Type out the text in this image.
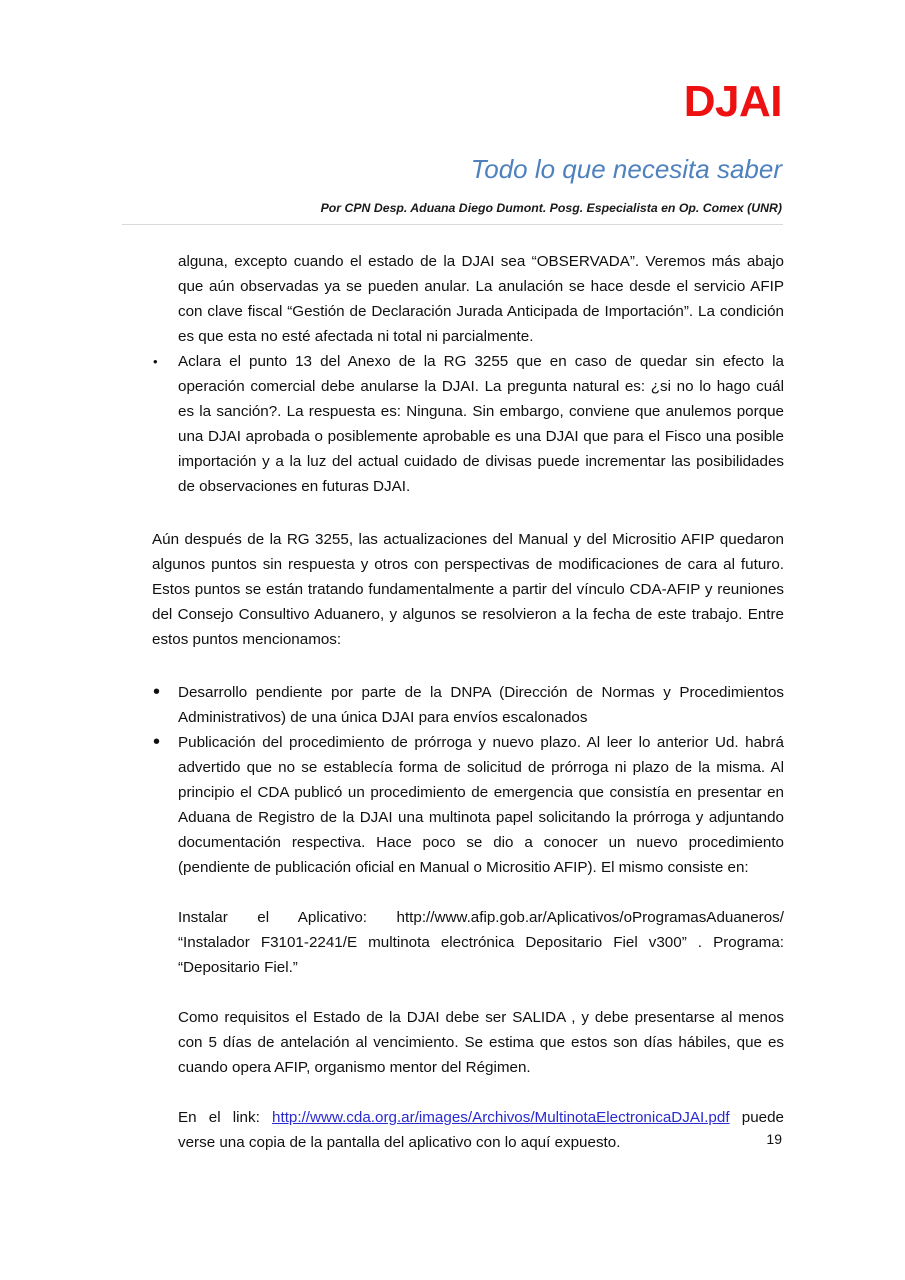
DJAI
Todo lo que necesita saber
Por CPN Desp. Aduana Diego Dumont. Posg. Especialista en Op. Comex (UNR)

alguna, excepto cuando el estado de la DJAI sea “OBSERVADA”. Veremos más abajo que aún observadas ya se pueden anular. La anulación se hace desde el servicio AFIP con clave fiscal “Gestión de Declaración Jurada Anticipada de Importación”. La condición es que esta no esté afectada ni total ni parcialmente.

• Aclara el punto 13 del Anexo de la RG 3255 que en caso de quedar sin efecto la operación comercial debe anularse la DJAI. La pregunta natural es: ¿si no lo hago cuál es la sanción?. La respuesta es: Ninguna. Sin embargo, conviene que anulemos porque una DJAI aprobada o posiblemente aprobable es una DJAI que para el Fisco una posible importación y a la luz del actual cuidado de divisas puede incrementar las posibilidades de observaciones en futuras DJAI.

Aún después de la RG 3255, las actualizaciones del Manual y del Micrositio AFIP quedaron algunos puntos sin respuesta y otros con perspectivas de modificaciones de cara al futuro. Estos puntos se están tratando fundamentalmente a partir del vínculo CDA-AFIP y reuniones del Consejo Consultivo Aduanero, y algunos se resolvieron a la fecha de este trabajo. Entre estos puntos mencionamos:

• Desarrollo pendiente por parte de la DNPA (Dirección de Normas y Procedimientos Administrativos) de una única DJAI para envíos escalonados

• Publicación del procedimiento de prórroga y nuevo plazo. Al leer lo anterior Ud. habrá advertido que no se establecía forma de solicitud de prórroga ni plazo de la misma. Al principio el CDA publicó un procedimiento de emergencia que consistía en presentar en Aduana de Registro de la DJAI una multinota papel solicitando la prórroga y adjuntando documentación respectiva. Hace poco se dio a conocer un nuevo procedimiento (pendiente de publicación oficial en Manual o Micrositio AFIP). El mismo consiste en:

Instalar el Aplicativo: http://www.afip.gob.ar/Aplicativos/oProgramasAduaneros/ “Instalador F3101-2241/E multinota electrónica Depositario Fiel v300” . Programa: “Depositario Fiel.”

Como requisitos el Estado de la DJAI debe ser SALIDA , y debe presentarse al menos con 5 días de antelación al vencimiento. Se estima que estos son días hábiles, que es cuando opera AFIP, organismo mentor del Régimen.

En el link: http://www.cda.org.ar/images/Archivos/MultinotaElectronicaDJAI.pdf puede verse una copia de la pantalla del aplicativo con lo aquí expuesto.	19
